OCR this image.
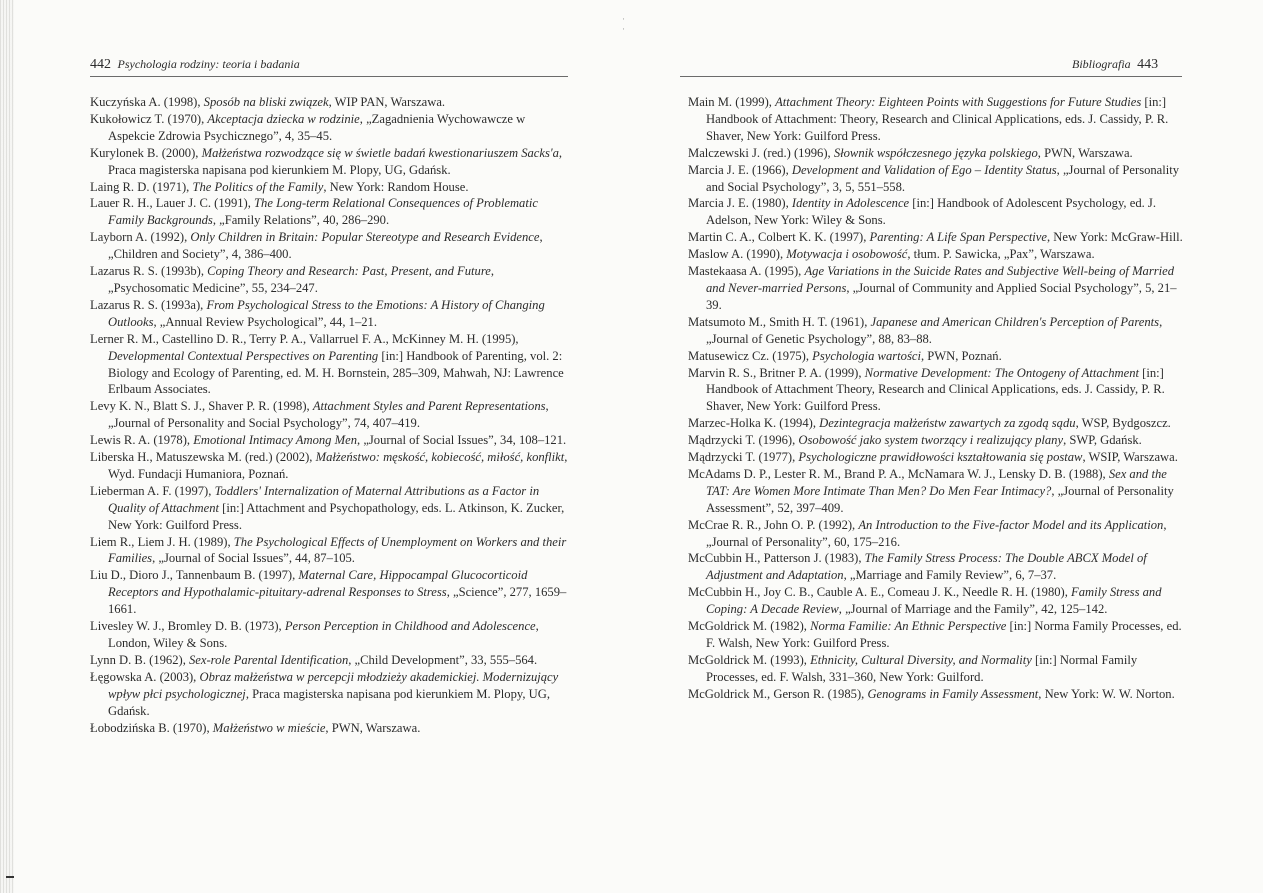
· ·
442 Psychologia rodziny: teoria i badania
Kuczyńska A. (1998), Sposób na bliski związek, WIP PAN, Warszawa.
Kukołowicz T. (1970), Akceptacja dziecka w rodzinie, „Zagadnienia Wychowawcze w Aspekcie Zdrowia Psychicznego”, 4, 35–45.
Kurylonek B. (2000), Małżeństwa rozwodzące się w świetle badań kwestionariuszem Sacks'a, Praca magisterska napisana pod kierunkiem M. Plopy, UG, Gdańsk.
Laing R. D. (1971), The Politics of the Family, New York: Random House.
Lauer R. H., Lauer J. C. (1991), The Long-term Relational Consequences of Problematic Family Backgrounds, „Family Relations”, 40, 286–290.
Layborn A. (1992), Only Children in Britain: Popular Stereotype and Research Evidence, „Children and Society”, 4, 386–400.
Lazarus R. S. (1993b), Coping Theory and Research: Past, Present, and Future, „Psychosomatic Medicine”, 55, 234–247.
Lazarus R. S. (1993a), From Psychological Stress to the Emotions: A History of Changing Outlooks, „Annual Review Psychological”, 44, 1–21.
Lerner R. M., Castellino D. R., Terry P. A., Vallarruel F. A., McKinney M. H. (1995), Developmental Contextual Perspectives on Parenting [in:] Handbook of Parenting, vol. 2: Biology and Ecology of Parenting, ed. M. H. Bornstein, 285–309, Mahwah, NJ: Lawrence Erlbaum Associates.
Levy K. N., Blatt S. J., Shaver P. R. (1998), Attachment Styles and Parent Representations, „Journal of Personality and Social Psychology”, 74, 407–419.
Lewis R. A. (1978), Emotional Intimacy Among Men, „Journal of Social Issues”, 34, 108–121.
Liberska H., Matuszewska M. (red.) (2002), Małżeństwo: męskość, kobiecość, miłość, konflikt, Wyd. Fundacji Humaniora, Poznań.
Lieberman A. F. (1997), Toddlers' Internalization of Maternal Attributions as a Factor in Quality of Attachment [in:] Attachment and Psychopathology, eds. L. Atkinson, K. Zucker, New York: Guilford Press.
Liem R., Liem J. H. (1989), The Psychological Effects of Unemployment on Workers and their Families, „Journal of Social Issues”, 44, 87–105.
Liu D., Dioro J., Tannenbaum B. (1997), Maternal Care, Hippocampal Glucocorticoid Receptors and Hypothalamic-pituitary-adrenal Responses to Stress, „Science”, 277, 1659–1661.
Livesley W. J., Bromley D. B. (1973), Person Perception in Childhood and Adolescence, London, Wiley & Sons.
Lynn D. B. (1962), Sex-role Parental Identification, „Child Development”, 33, 555–564.
Łęgowska A. (2003), Obraz małżeństwa w percepcji młodzieży akademickiej. Modernizujący wpływ płci psychologicznej, Praca magisterska napisana pod kierunkiem M. Plopy, UG, Gdańsk.
Łobodzińska B. (1970), Małżeństwo w mieście, PWN, Warszawa.
Bibliografia 443
Main M. (1999), Attachment Theory: Eighteen Points with Suggestions for Future Studies [in:] Handbook of Attachment: Theory, Research and Clinical Applications, eds. J. Cassidy, P. R. Shaver, New York: Guilford Press.
Malczewski J. (red.) (1996), Słownik współczesnego języka polskiego, PWN, Warszawa.
Marcia J. E. (1966), Development and Validation of Ego – Identity Status, „Journal of Personality and Social Psychology”, 3, 5, 551–558.
Marcia J. E. (1980), Identity in Adolescence [in:] Handbook of Adolescent Psychology, ed. J. Adelson, New York: Wiley & Sons.
Martin C. A., Colbert K. K. (1997), Parenting: A Life Span Perspective, New York: McGraw-Hill.
Maslow A. (1990), Motywacja i osobowość, tłum. P. Sawicka, „Pax”, Warszawa.
Mastekaasa A. (1995), Age Variations in the Suicide Rates and Subjective Well-being of Married and Never-married Persons, „Journal of Community and Applied Social Psychology”, 5, 21–39.
Matsumoto M., Smith H. T. (1961), Japanese and American Children's Perception of Parents, „Journal of Genetic Psychology”, 88, 83–88.
Matusewicz Cz. (1975), Psychologia wartości, PWN, Poznań.
Marvin R. S., Britner P. A. (1999), Normative Development: The Ontogeny of Attachment [in:] Handbook of Attachment Theory, Research and Clinical Applications, eds. J. Cassidy, P. R. Shaver, New York: Guilford Press.
Marzec-Holka K. (1994), Dezintegracja małżeństw zawartych za zgodą sądu, WSP, Bydgoszcz.
Mądrzycki T. (1996), Osobowość jako system tworzący i realizujący plany, SWP, Gdańsk.
Mądrzycki T. (1977), Psychologiczne prawidłowości kształtowania się postaw, WSIP, Warszawa.
McAdams D. P., Lester R. M., Brand P. A., McNamara W. J., Lensky D. B. (1988), Sex and the TAT: Are Women More Intimate Than Men? Do Men Fear Intimacy?, „Journal of Personality Assessment”, 52, 397–409.
McCrae R. R., John O. P. (1992), An Introduction to the Five-factor Model and its Application, „Journal of Personality”, 60, 175–216.
McCubbin H., Patterson J. (1983), The Family Stress Process: The Double ABCX Model of Adjustment and Adaptation, „Marriage and Family Review”, 6, 7–37.
McCubbin H., Joy C. B., Cauble A. E., Comeau J. K., Needle R. H. (1980), Family Stress and Coping: A Decade Review, „Journal of Marriage and the Family”, 42, 125–142.
McGoldrick M. (1982), Norma Familie: An Ethnic Perspective [in:] Norma Family Processes, ed. F. Walsh, New York: Guilford Press.
McGoldrick M. (1993), Ethnicity, Cultural Diversity, and Normality [in:] Normal Family Processes, ed. F. Walsh, 331–360, New York: Guilford.
McGoldrick M., Gerson R. (1985), Genograms in Family Assessment, New York: W. W. Norton.
